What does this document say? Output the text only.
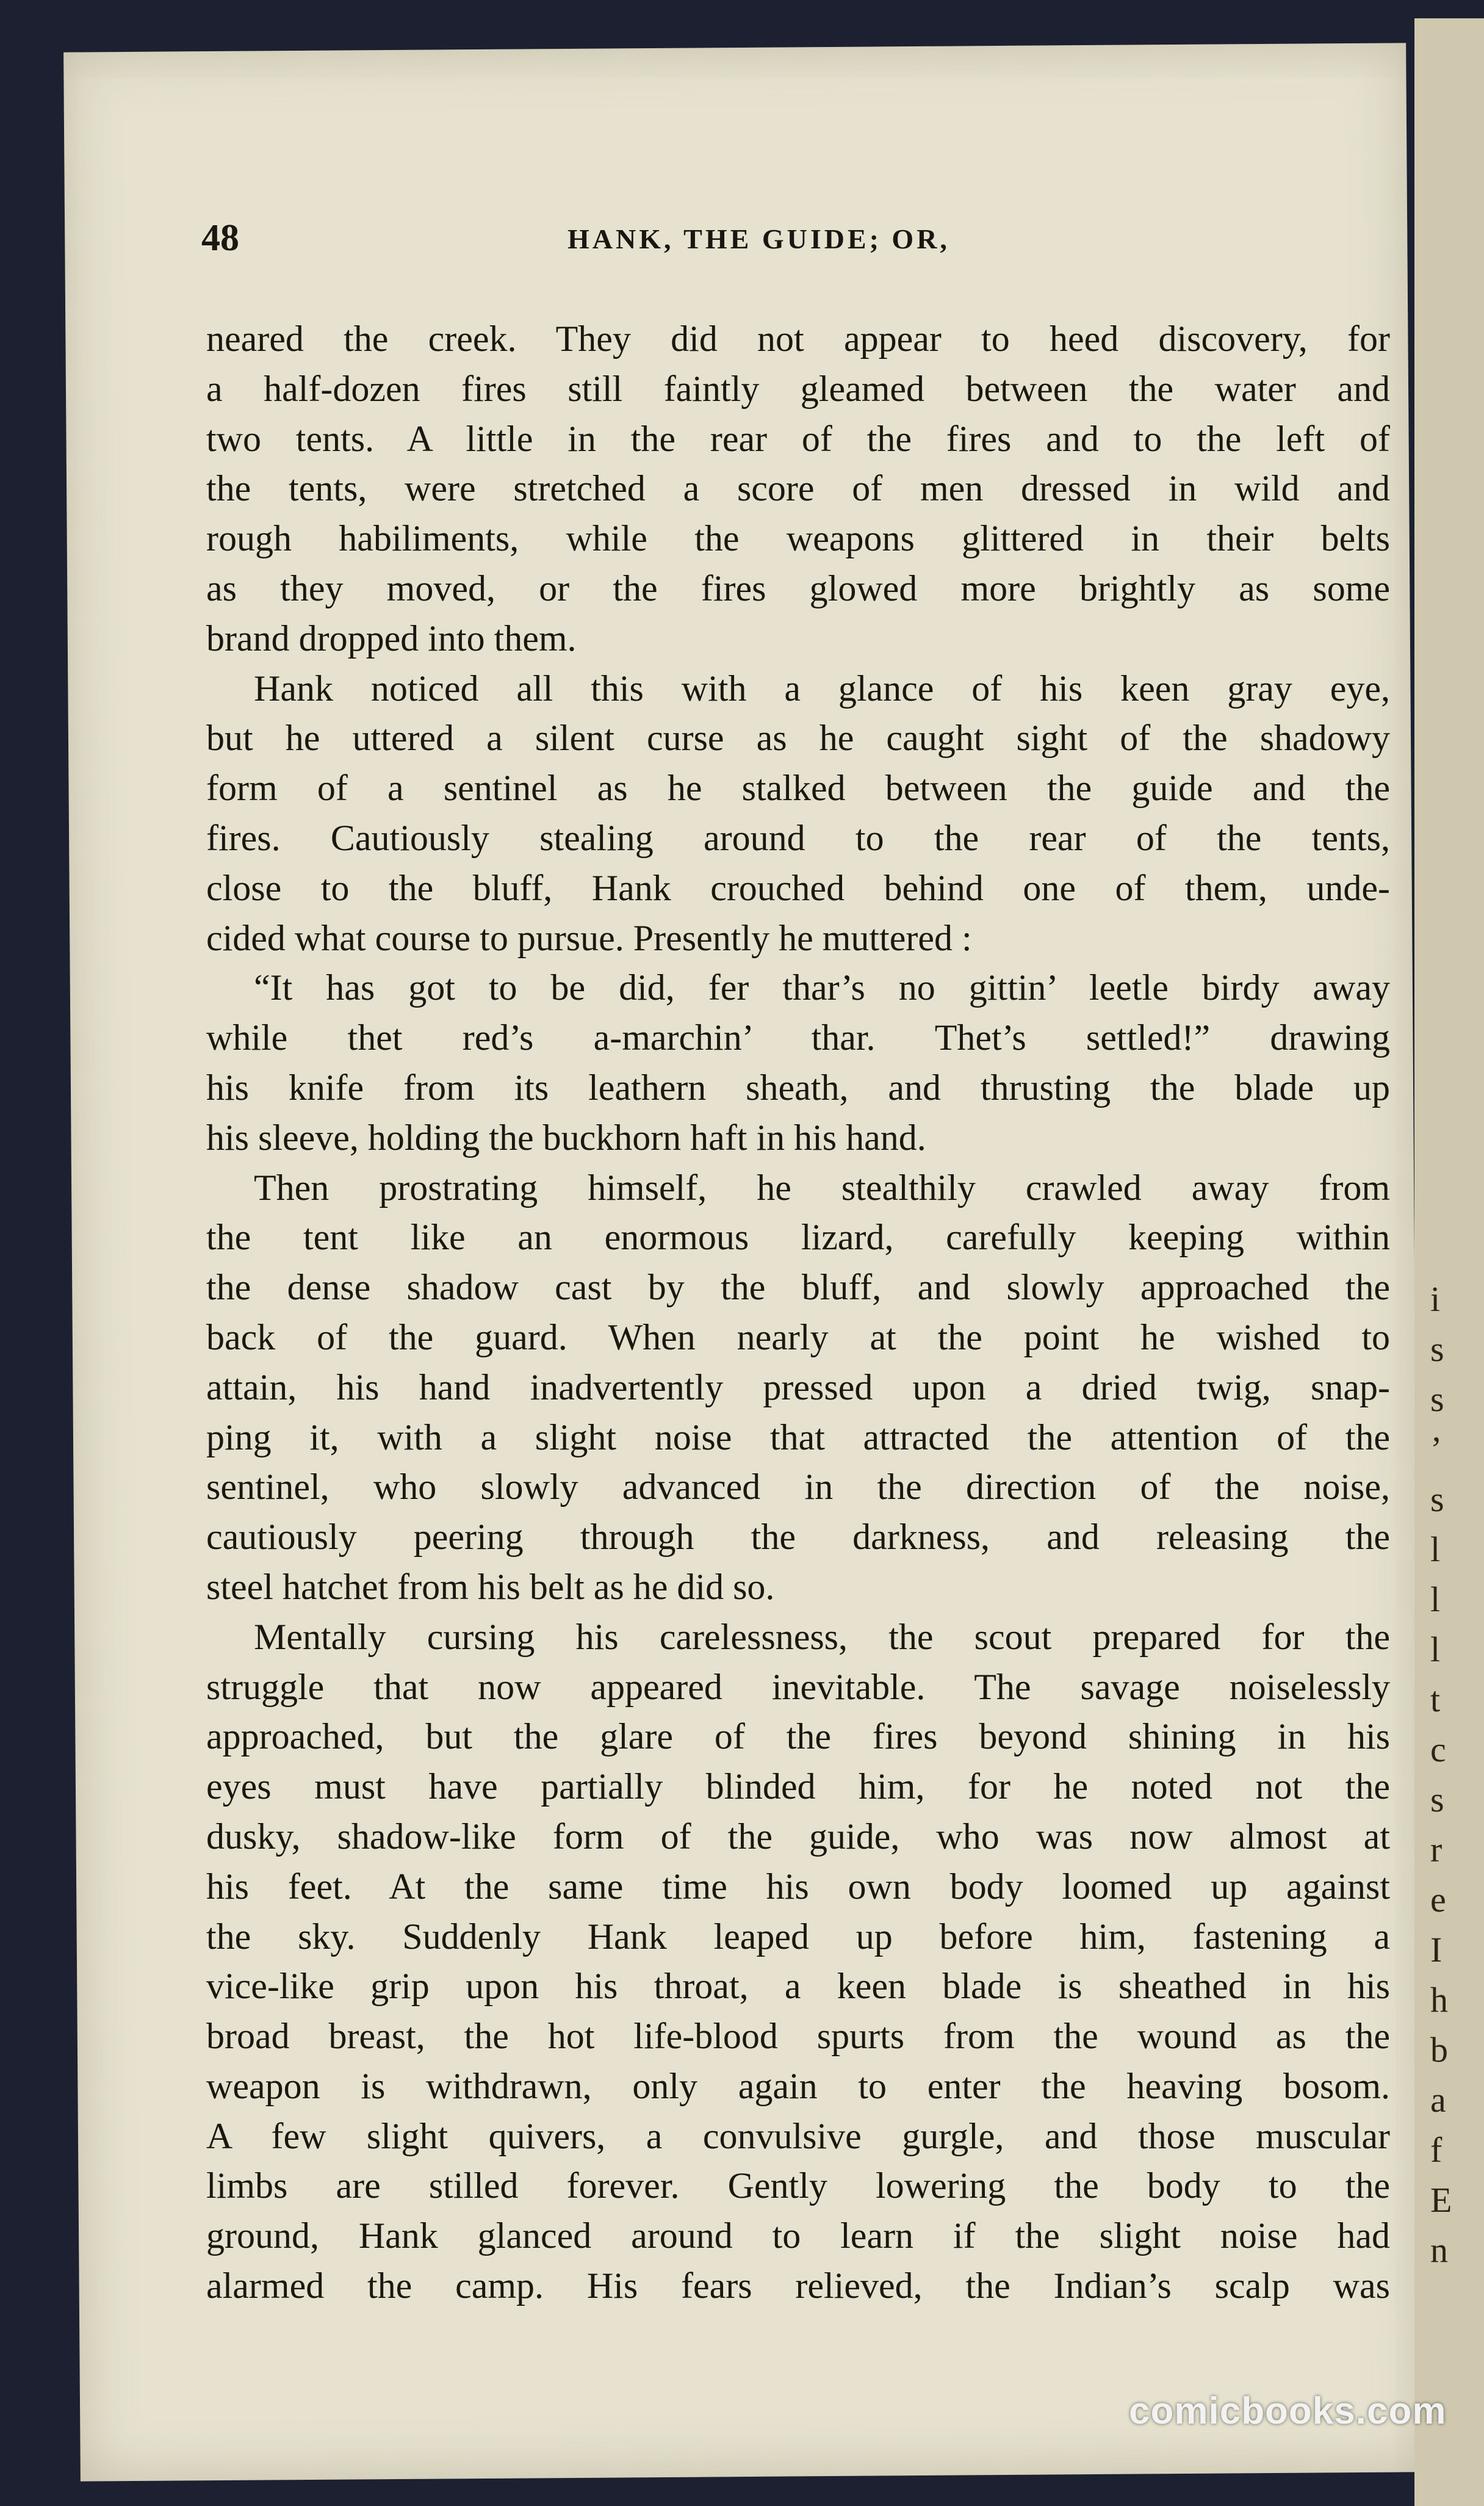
i
s
s
’
s
l
l
l
t
c
s
r
e
I
h
b
a
f
E
n
48	HANK, THE GUIDE; OR,
neared the creek. They did not appear to heed discovery, for
a half-dozen fires still faintly gleamed between the water and
two tents. A little in the rear of the fires and to the left of
the tents, were stretched a score of men dressed in wild and
rough habiliments, while the weapons glittered in their belts
as they moved, or the fires glowed more brightly as some
brand dropped into them.
Hank noticed all this with a glance of his keen gray eye,
but he uttered a silent curse as he caught sight of the shadowy
form of a sentinel as he stalked between the guide and the
fires. Cautiously stealing around to the rear of the tents,
close to the bluff, Hank crouched behind one of them, unde-
cided what course to pursue. Presently he muttered :
“It has got to be did, fer thar’s no gittin’ leetle birdy away
while thet red’s a-marchin’ thar. Thet’s settled!” drawing
his knife from its leathern sheath, and thrusting the blade up
his sleeve, holding the buckhorn haft in his hand.
Then prostrating himself, he stealthily crawled away from
the tent like an enormous lizard, carefully keeping within
the dense shadow cast by the bluff, and slowly approached the
back of the guard. When nearly at the point he wished to
attain, his hand inadvertently pressed upon a dried twig, snap-
ping it, with a slight noise that attracted the attention of the
sentinel, who slowly advanced in the direction of the noise,
cautiously peering through the darkness, and releasing the
steel hatchet from his belt as he did so.
Mentally cursing his carelessness, the scout prepared for the
struggle that now appeared inevitable. The savage noiselessly
approached, but the glare of the fires beyond shining in his
eyes must have partially blinded him, for he noted not the
dusky, shadow-like form of the guide, who was now almost at
his feet. At the same time his own body loomed up against
the sky. Suddenly Hank leaped up before him, fastening a
vice-like grip upon his throat, a keen blade is sheathed in his
broad breast, the hot life-blood spurts from the wound as the
weapon is withdrawn, only again to enter the heaving bosom.
A few slight quivers, a convulsive gurgle, and those muscular
limbs are stilled forever. Gently lowering the body to the
ground, Hank glanced around to learn if the slight noise had
alarmed the camp. His fears relieved, the Indian’s scalp was
comicbooks.com
